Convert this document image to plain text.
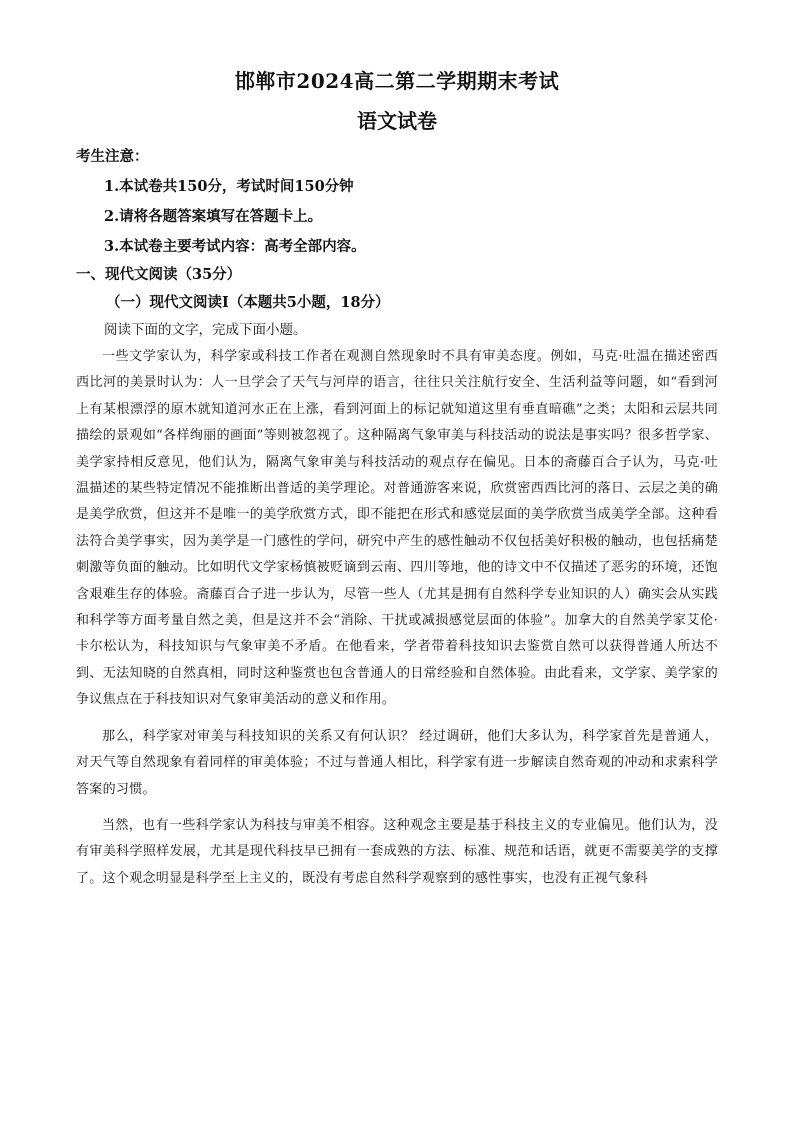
邯郸市2024高二第二学期期末考试
语文试卷
考生注意：
1.本试卷共150分，考试时间150分钟
2.请将各题答案填写在答题卡上。
3.本试卷主要考试内容：高考全部内容。
一、现代文阅读（35分）
（一）现代文阅读Ⅰ（本题共5小题，18分）
阅读下面的文字，完成下面小题。

一些文学家认为，科学家或科技工作者在观测自然现象时不具有审美态度。例如，马克·吐温在描述密西西比河的美景时认为：人一旦学会了天气与河岸的语言，往往只关注航行安全、生活利益等问题，如“看到河上有某根漂浮的原木就知道河水正在上涨，看到河面上的标记就知道这里有垂直暗礁”之类；太阳和云层共同描绘的景观如“各样绚丽的画面”等则被忽视了。这种隔离气象审美与科技活动的说法是事实吗？很多哲学家、美学家持相反意见，他们认为，隔离气象审美与科技活动的观点存在偏见。日本的斋藤百合子认为，马克·吐温描述的某些特定情况不能推断出普适的美学理论。对普通游客来说，欣赏密西西比河的落日、云层之美的确是美学欣赏，但这并不是唯一的美学欣赏方式，即不能把在形式和感觉层面的美学欣赏当成美学全部。这种看法符合美学事实，因为美学是一门感性的学问，研究中产生的感性触动不仅包括美好积极的触动，也包括痛楚刺激等负面的触动。比如明代文学家杨慎被贬谪到云南、四川等地，他的诗文中不仅描述了恶劣的环境，还饱含艰难生存的体验。斋藤百合子进一步认为，尽管一些人（尤其是拥有自然科学专业知识的人）确实会从实践和科学等方面考量自然之美，但是这并不会“消除、干扰或减损感觉层面的体验”。加拿大的自然美学家艾伦·卡尔松认为，科技知识与气象审美不矛盾。在他看来，学者带着科技知识去鉴赏自然可以获得普通人所达不到、无法知晓的自然真相，同时这种鉴赏也包含普通人的日常经验和自然体验。由此看来，文学家、美学家的争议焦点在于科技知识对气象审美活动的意义和作用。

那么，科学家对审美与科技知识的关系又有何认识？ 经过调研，他们大多认为，科学家首先是普通人，对天气等自然现象有着同样的审美体验；不过与普通人相比，科学家有进一步解读自然奇观的冲动和求索科学答案的习惯。

当然，也有一些科学家认为科技与审美不相容。这种观念主要是基于科技主义的专业偏见。他们认为，没有审美科学照样发展，尤其是现代科技早已拥有一套成熟的方法、标准、规范和话语，就更不需要美学的支撑了。这个观念明显是科学至上主义的，既没有考虑自然科学观察到的感性事实，也没有正视气象科
